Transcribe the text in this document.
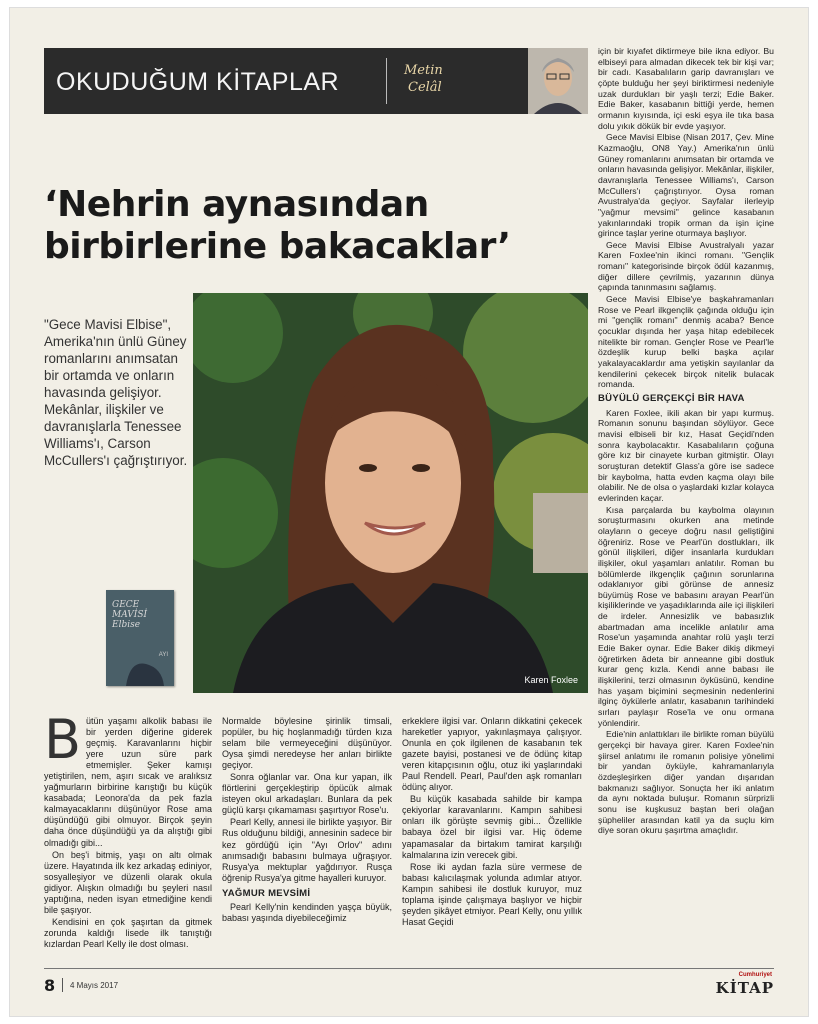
OKUDUĞUM KİTAPLAR	Metin
Celâl
‘Nehrin aynasından
birbirlerine bakacaklar’
"Gece Mavisi Elbise", Amerika'nın ünlü Güney romanlarını anımsatan bir ortamda ve onların havasında gelişiyor. Mekânlar, ilişkiler ve davranışlarla Tenessee Williams'ı, Carson McCullers'ı çağrıştırıyor.
GECE
MAVİSİ
Elbise
AYI
Karen Foxlee

Bütün yaşamı alkolik babası ile bir yerden diğerine giderek geçmiş. Karavanlarını hiçbir yere uzun süre park etmemişler. Şeker kamışı yetiştirilen, nem, aşırı sıcak ve aralıksız yağmurların birbirine karıştığı bu küçük kasabada; Leonora'da da pek fazla kalmayacaklarını düşünüyor Rose ama düşündüğü gibi olmuyor. Birçok şeyin daha önce düşündüğü ya da alıştığı gibi olmadığı gibi...

On beş'i bitmiş, yaşı on altı olmak üzere. Hayatında ilk kez arkadaş ediniyor, sosyalleşiyor ve düzenli olarak okula gidiyor. Alışkın olmadığı bu şeyleri nasıl yaptığına, neden isyan etmediğine kendi bile şaşıyor.

Kendisini en çok şaşırtan da gitmek zorunda kaldığı lisede ilk tanıştığı kızlardan Pearl Kelly ile dost olması.

Normalde böylesine şirinlik timsali, popüler, bu hiç hoşlanmadığı türden kıza selam bile vermeyeceğini düşünüyor. Oysa şimdi neredeyse her anları birlikte geçiyor.

Sonra oğlanlar var. Ona kur yapan, ilk flörtlerini gerçekleştirip öpücük almak isteyen okul arkadaşları. Bunlara da pek güçlü karşı çıkamaması şaşırtıyor Rose'u.

Pearl Kelly, annesi ile birlikte yaşıyor. Bir Rus olduğunu bildiği, annesinin sadece bir kez gördüğü için "Ayı Orlov" adını anımsadığı babasını bulmaya uğraşıyor. Rusya'ya mektuplar yağdırıyor. Rusça öğrenip Rusya'ya gitme hayalleri kuruyor.

YAĞMUR MEVSİMİ

Pearl Kelly'nin kendinden yaşça büyük, babası yaşında diyebileceğimiz

erkeklere ilgisi var. Onların dikkatini çekecek hareketler yapıyor, yakınlaşmaya çalışıyor. Onunla en çok ilgilenen de kasabanın tek gazete bayisi, postanesi ve de ödünç kitap veren kitapçısının oğlu, otuz iki yaşlarındaki Paul Rendell. Pearl, Paul'den aşk romanları ödünç alıyor.

Bu küçük kasabada sahilde bir kampa çekiyorlar karavanlarını. Kampın sahibesi onları ilk görüşte sevmiş gibi... Özellikle babaya özel bir ilgisi var. Hiç ödeme yapamasalar da birtakım tamirat karşılığı kalmalarına izin verecek gibi.

Rose iki aydan fazla süre vermese de babası kalıcılaşmak yolunda adımlar atıyor. Kampın sahibesi ile dostluk kuruyor, muz toplama işinde çalışmaya başlıyor ve hiçbir şeyden şikâyet etmiyor. Pearl Kelly, onu yıllık Hasat Geçidi

için bir kıyafet diktirmeye bile ikna ediyor. Bu elbiseyi para almadan dikecek tek bir kişi var; bir cadı. Kasabalıların garip davranışları ve çöpte bulduğu her şeyi biriktirmesi nedeniyle uzak durdukları bir yaşlı terzi; Edie Baker. Edie Baker, kasabanın bittiği yerde, hemen ormanın kıyısında, içi eski eşya ile tıka basa dolu yıkık dökük bir evde yaşıyor.

Gece Mavisi Elbise (Nisan 2017, Çev. Mine Kazmaoğlu, ON8 Yay.) Amerika'nın ünlü Güney romanlarını anımsatan bir ortamda ve onların havasında gelişiyor. Mekânlar, ilişkiler, davranışlarla Tenessee Williams'ı, Carson McCullers'ı çağrıştırıyor. Oysa roman Avustralya'da geçiyor. Sayfalar ilerleyip "yağmur mevsimi" gelince kasabanın yakınlarındaki tropik orman da işin içine girince taşlar yerine oturmaya başlıyor.

Gece Mavisi Elbise Avustralyalı yazar Karen Foxlee'nin ikinci romanı. "Gençlik romanı" kategorisinde birçok ödül kazanmış, diğer dillere çevrilmiş, yazarının dünya çapında tanınmasını sağlamış.

Gece Mavisi Elbise'ye başkahramanları Rose ve Pearl ilkgençlik çağında olduğu için mi "gençlik romanı" denmiş acaba? Bence çocuklar dışında her yaşa hitap edebilecek nitelikte bir roman. Gençler Rose ve Pearl'le özdeşlik kurup belki başka açılar yakalayacaklardır ama yetişkin sayılanlar da kendilerini çekecek birçok nitelik bulacak romanda.

BÜYÜLÜ GERÇEKÇİ BİR HAVA

Karen Foxlee, ikili akan bir yapı kurmuş. Romanın sonunu başından söylüyor. Gece mavisi elbiseli bir kız, Hasat Geçidi'nden sonra kaybolacaktır. Kasabalıların çoğuna göre kız bir cinayete kurban gitmiştir. Olayı soruşturan detektif Glass'a göre ise sadece bir kaybolma, hatta evden kaçma olayı bile olabilir. Ne de olsa o yaşlardaki kızlar kolayca evlerinden kaçar.

Kısa parçalarda bu kaybolma olayının soruşturmasını okurken ana metinde olayların o geceye doğru nasıl geliştiğini öğreniriz. Rose ve Pearl'ün dostlukları, ilk gönül ilişkileri, diğer insanlarla kurdukları ilişkiler, okul yaşamları anlatılır. Roman bu bölümlerde ilkgençlik çağının sorunlarına odaklanıyor gibi görünse de annesiz büyümüş Rose ve babasını arayan Pearl'ün kişiliklerinde ve yaşadıklarında aile içi ilişkileri de irdeler. Annesizlik ve babasızlık abartmadan ama incelikle anlatılır ama Rose'un yaşamında anahtar rolü yaşlı terzi Edie Baker oynar. Edie Baker dikiş dikmeyi öğretirken âdeta bir anneanne gibi dostluk kurar genç kızla. Kendi anne babası ile ilişkilerini, terzi olmasının öyküsünü, kendine has yaşam biçimini seçmesinin nedenlerini ilginç öykülerle anlatır, kasabanın tarihindeki sırları paylaşır Rose'la ve onu ormana yönlendirir.

Edie'nin anlattıkları ile birlikte roman büyülü gerçekçi bir havaya girer. Karen Foxlee'nin şiirsel anlatımı ile romanın polisiye yönelimi bir yandan öyküyle, kahramanlarıyla özdeşleşirken diğer yandan dışarıdan bakmanızı sağlıyor. Sonuçta her iki anlatım da aynı noktada buluşur. Romanın sürprizli sonu ise kuşkusuz baştan beri olağan şüpheliler arasından katil ya da suçlu kim diye soran okuru şaşırtma amaçlıdır.

8 4 Mayıs 2017
Cumhuriyet
KİTAP
